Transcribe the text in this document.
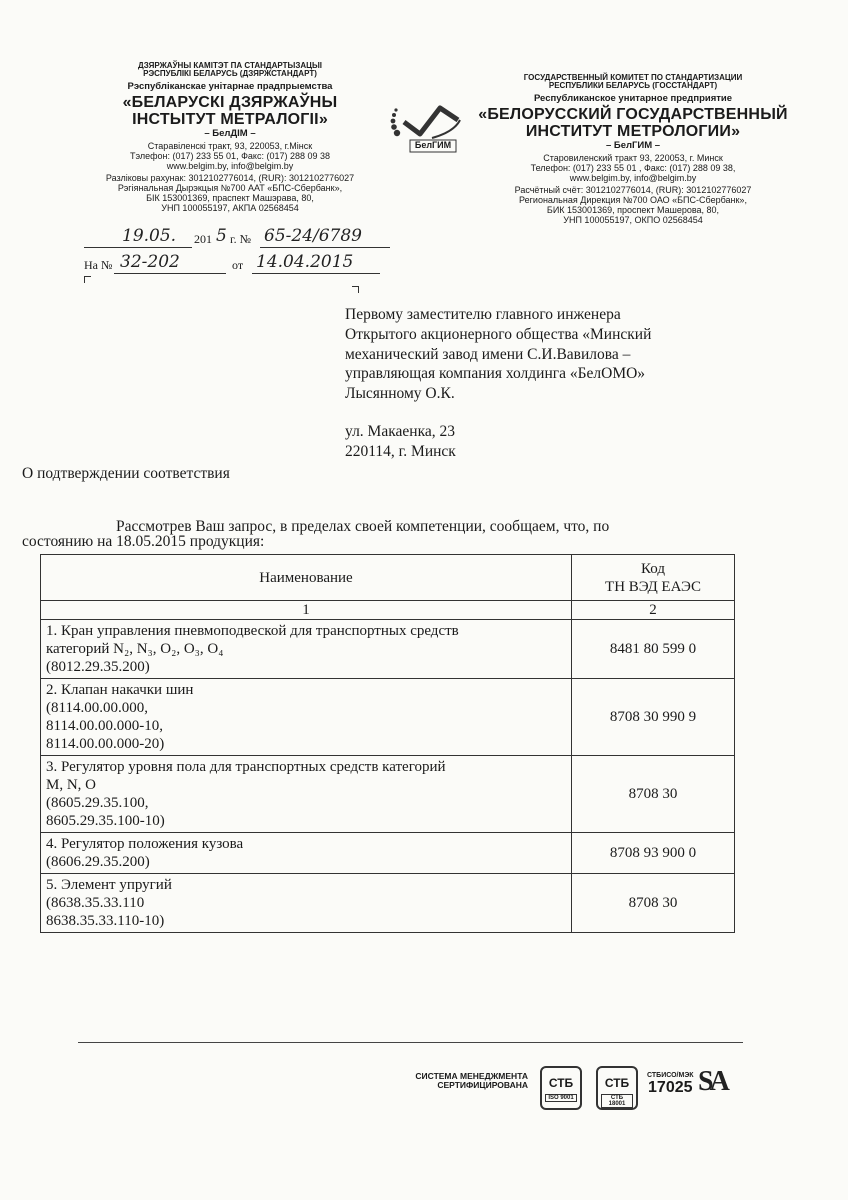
ДЗЯРЖАЎНЫ КАМІТЭТ ПА СТАНДАРТЫЗАЦЫІ
РЭСПУБЛІКІ БЕЛАРУСЬ (ДЗЯРЖСТАНДАРТ)
Рэспубліканскае унітарнае прадпрыемства
«БЕЛАРУСКІ ДЗЯРЖАЎНЫ
ІНСТЫТУТ МЕТРАЛОГІІ»
– БелДІМ –
Старавіленскі тракт, 93, 220053, г.Мінск
Тэлефон: (017) 233 55 01, Факс: (017) 288 09 38
www.belgim.by, info@belgim.by
Разліковы рахунак: 3012102776014, (RUR): 3012102776027
Рэгіянальная Дырэкцыя №700 ААТ «БПС-Сбербанк»,
БІК 153001369, праспект Машэрава, 80,
УНП 100055197, АКПА 02568454
БелГИМ
ГОСУДАРСТВЕННЫЙ КОМИТЕТ ПО СТАНДАРТИЗАЦИИ
РЕСПУБЛИКИ БЕЛАРУСЬ (ГОССТАНДАРТ)
Республиканское унитарное предприятие
«БЕЛОРУССКИЙ ГОСУДАРСТВЕННЫЙ
ИНСТИТУТ МЕТРОЛОГИИ»
– БелГИМ –
Старовиленский тракт 93, 220053, г. Минск
Телефон: (017) 233 55 01 , Факс: (017) 288 09 38,
www.belgim.by, info@belgim.by
Расчётный счёт: 3012102776014, (RUR): 3012102776027
Региональная Дирекция №700 ОАО «БПС-Сбербанк»,
БИК 153001369, проспект Машерова, 80,
УНП 100055197, ОКПО 02568454
19.05. 201 5 г. № 65-24/6789
На № 32-202	от 14.04.2015
Первому заместителю главного инженера
Открытого акционерного общества «Минский
механический завод имени С.И.Вавилова –
управляющая компания холдинга «БелОМО»
Лысянному О.К.
ул. Макаенка, 23
220114, г. Минск
О подтверждении соответствия
Рассмотрев Ваш запрос, в пределах своей компетенции, сообщаем, что, по
состоянию на 18.05.2015 продукция:
Наименование	Код
ТН ВЭД ЕАЭС

1	2

1. Кран управления пневмоподвеской для транспортных средств
категорий N₂, N₃, O₂, O₃, O₄
(8012.29.35.200)	8481 80 599 0

2. Клапан накачки шин
(8114.00.00.000,
8114.00.00.000-10,
8114.00.00.000-20)	8708 30 990 9

3. Регулятор уровня пола для транспортных средств категорий
M, N, O
(8605.29.35.100,
8605.29.35.100-10)	8708 30

4. Регулятор положения кузова
(8606.29.35.200)	8708 93 900 0

5. Элемент упругий
(8638.35.33.110
8638.35.33.110-10)	8708 30
СИСТЕМА МЕНЕДЖМЕНТА
СЕРТИФИЦИРОВАНА	СТБ
ISO 9001
СТБ
СТБ 18001
СТБИСО/МЭК
17025 SA
